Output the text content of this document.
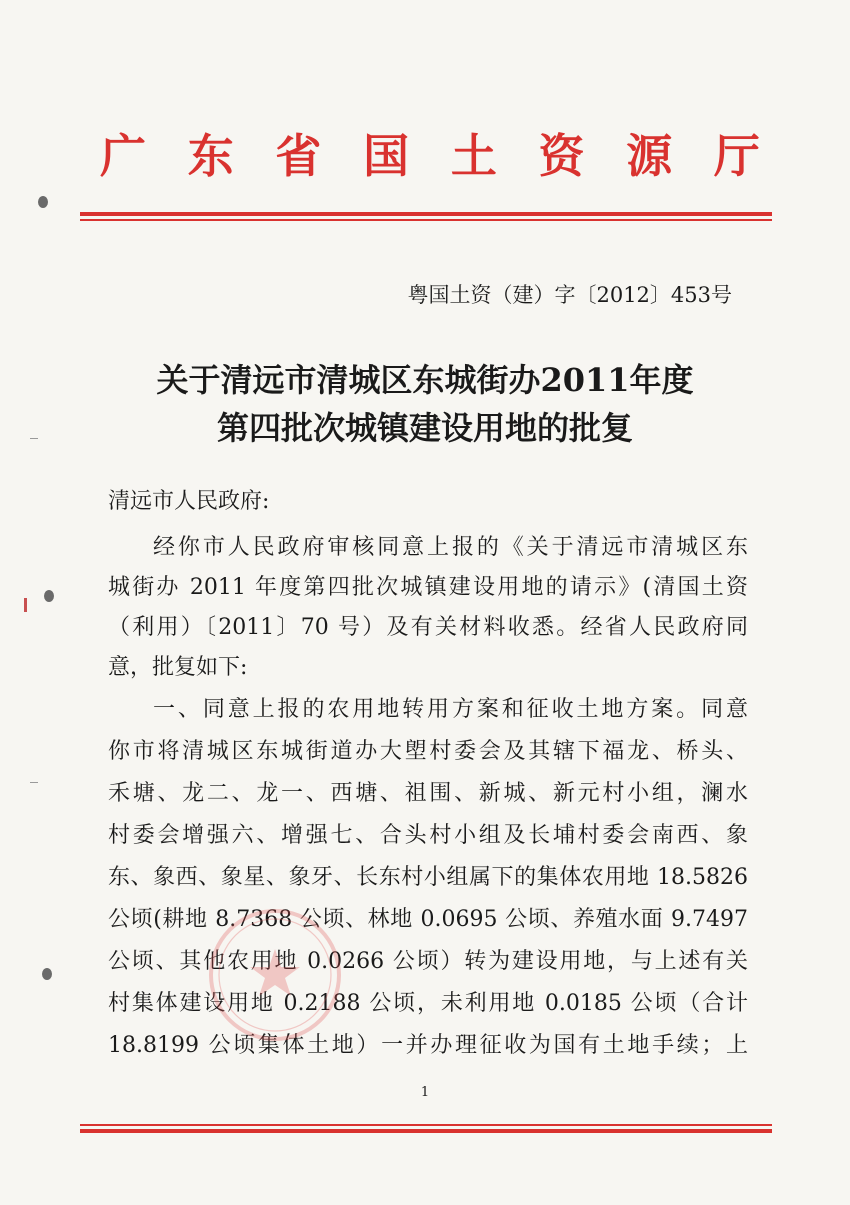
广 东 省 国 土 资 源 厅
粤国土资（建）字〔2012〕453号
关于清远市清城区东城街办2011年度
第四批次城镇建设用地的批复
清远市人民政府:
经你市人民政府审核同意上报的《关于清远市清城区东
城街办 2011 年度第四批次城镇建设用地的请示》(清国土资
（利用）〔2011〕70 号）及有关材料收悉。经省人民政府同
意，批复如下:
一、同意上报的农用地转用方案和征收土地方案。同意
你市将清城区东城街道办大塱村委会及其辖下福龙、桥头、
禾塘、龙二、龙一、西塘、祖围、新城、新元村小组，澜水
村委会增强六、增强七、合头村小组及长埔村委会南西、象
东、象西、象星、象牙、长东村小组属下的集体农用地 18.5826
公顷(耕地 8.7368 公顷、林地 0.0695 公顷、养殖水面 9.7497
公顷、其他农用地 0.0266 公顷）转为建设用地，与上述有关
村集体建设用地 0.2188 公顷，未利用地 0.0185 公顷（合计
18.8199 公顷集体土地）一并办理征收为国有土地手续；上
1
